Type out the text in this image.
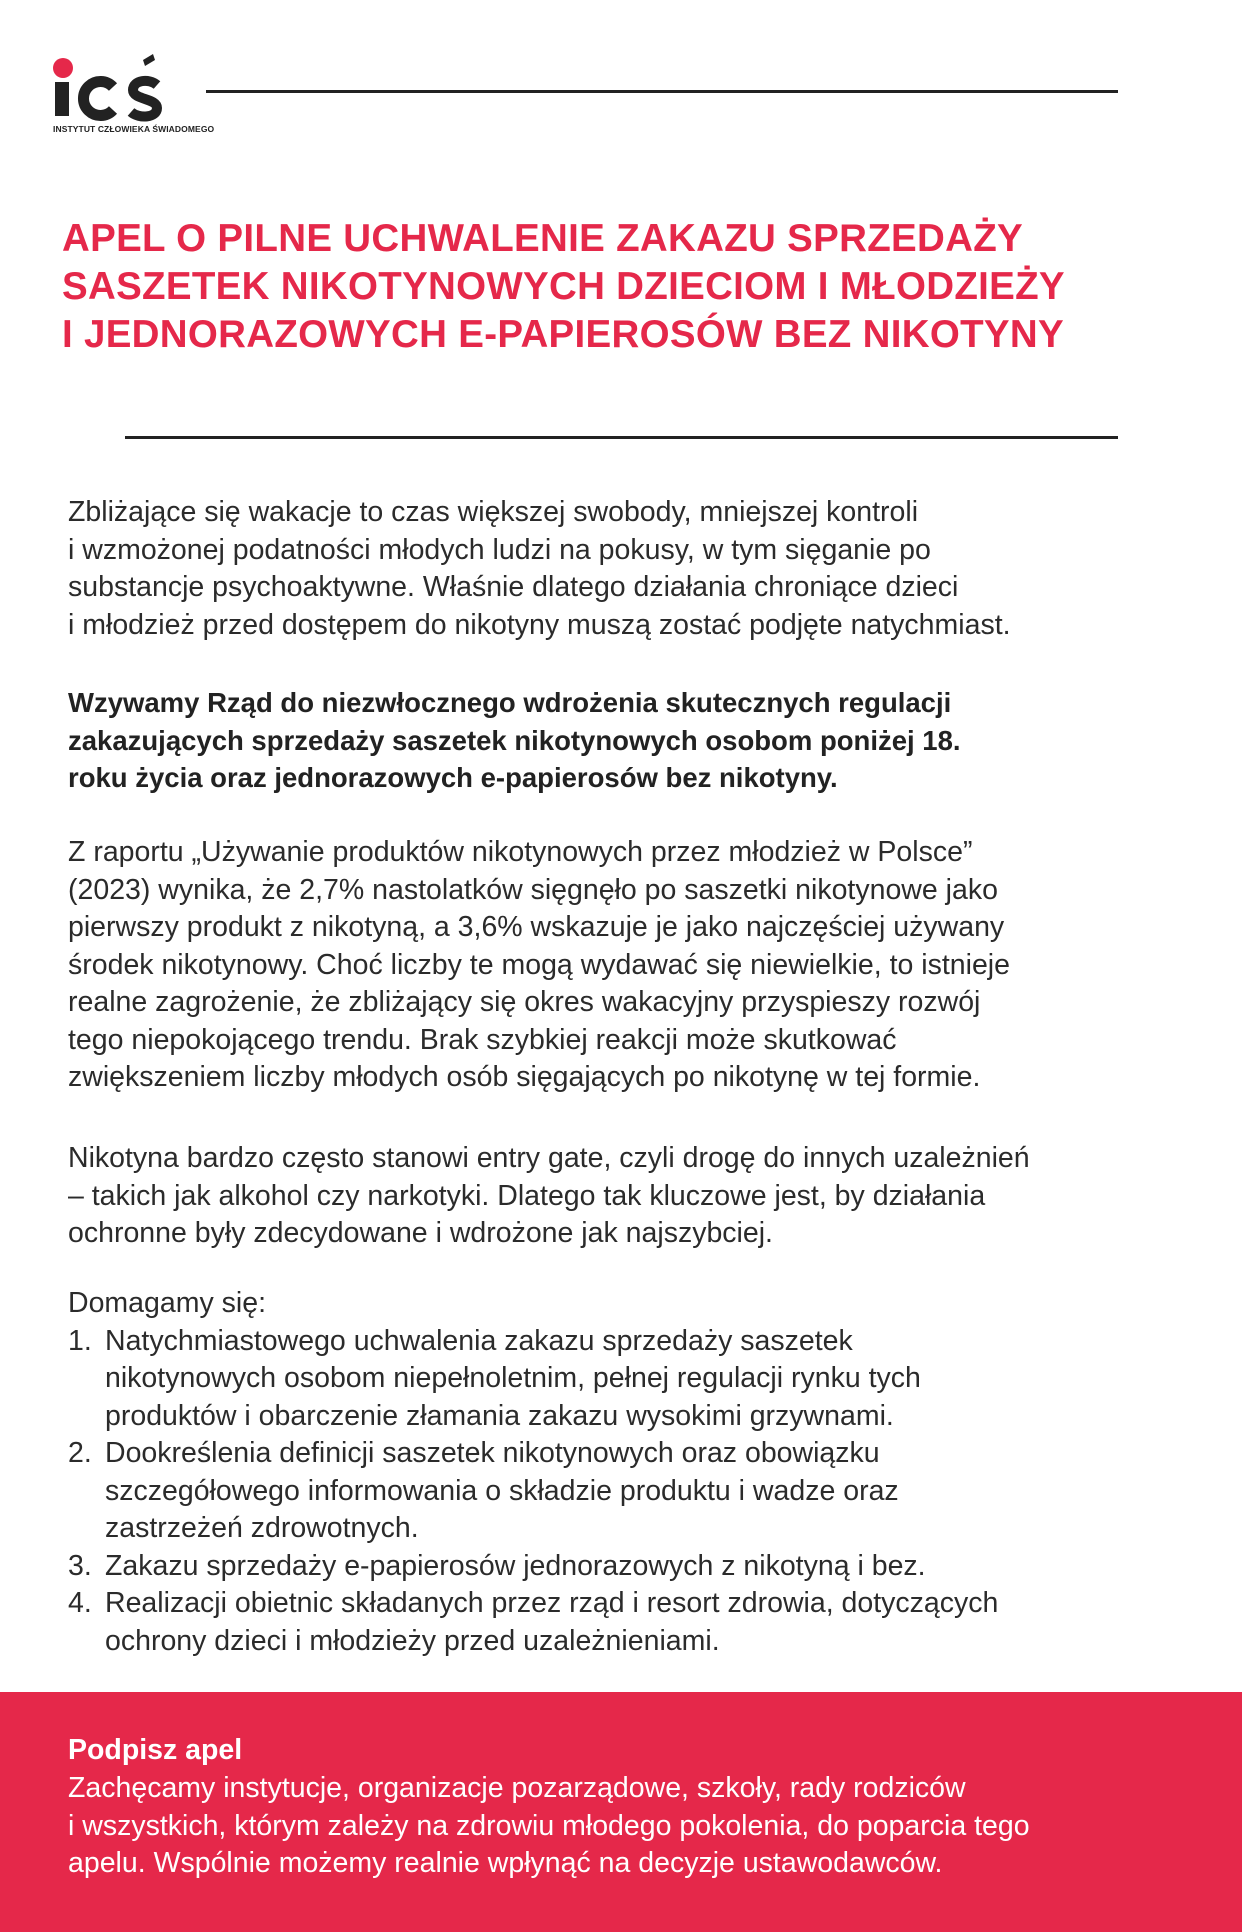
INSTYTUT CZŁOWIEKA ŚWIADOMEGO
APEL O PILNE UCHWALENIE ZAKAZU SPRZEDAŻY
SASZETEK NIKOTYNOWYCH DZIECIOM I MŁODZIEŻY
I JEDNORAZOWYCH E-PAPIEROSÓW BEZ NIKOTYNY
Zbliżające się wakacje to czas większej swobody, mniejszej kontroli
i wzmożonej podatności młodych ludzi na pokusy, w tym sięganie po
substancje psychoaktywne. Właśnie dlatego działania chroniące dzieci
i młodzież przed dostępem do nikotyny muszą zostać podjęte natychmiast.
Wzywamy Rząd do niezwłocznego wdrożenia skutecznych regulacji
zakazujących sprzedaży saszetek nikotynowych osobom poniżej 18.
roku życia oraz jednorazowych e-papierosów bez nikotyny.
Z raportu „Używanie produktów nikotynowych przez młodzież w Polsce”
(2023) wynika, że 2,7% nastolatków sięgnęło po saszetki nikotynowe jako
pierwszy produkt z nikotyną, a 3,6% wskazuje je jako najczęściej używany
środek nikotynowy. Choć liczby te mogą wydawać się niewielkie, to istnieje
realne zagrożenie, że zbliżający się okres wakacyjny przyspieszy rozwój
tego niepokojącego trendu. Brak szybkiej reakcji może skutkować
zwiększeniem liczby młodych osób sięgających po nikotynę w tej formie.
Nikotyna bardzo często stanowi entry gate, czyli drogę do innych uzależnień
– takich jak alkohol czy narkotyki. Dlatego tak kluczowe jest, by działania
ochronne były zdecydowane i wdrożone jak najszybciej.
Domagamy się:
1. Natychmiastowego uchwalenia zakazu sprzedaży saszetek
nikotynowych osobom niepełnoletnim, pełnej regulacji rynku tych
produktów i obarczenie złamania zakazu wysokimi grzywnami.
2. Dookreślenia definicji saszetek nikotynowych oraz obowiązku
szczegółowego informowania o składzie produktu i wadze oraz
zastrzeżeń zdrowotnych.
3. Zakazu sprzedaży e-papierosów jednorazowych z nikotyną i bez.
4. Realizacji obietnic składanych przez rząd i resort zdrowia, dotyczących
ochrony dzieci i młodzieży przed uzależnieniami.
Podpisz apel
Zachęcamy instytucje, organizacje pozarządowe, szkoły, rady rodziców
i wszystkich, którym zależy na zdrowiu młodego pokolenia, do poparcia tego
apelu. Wspólnie możemy realnie wpłynąć na decyzje ustawodawców.
